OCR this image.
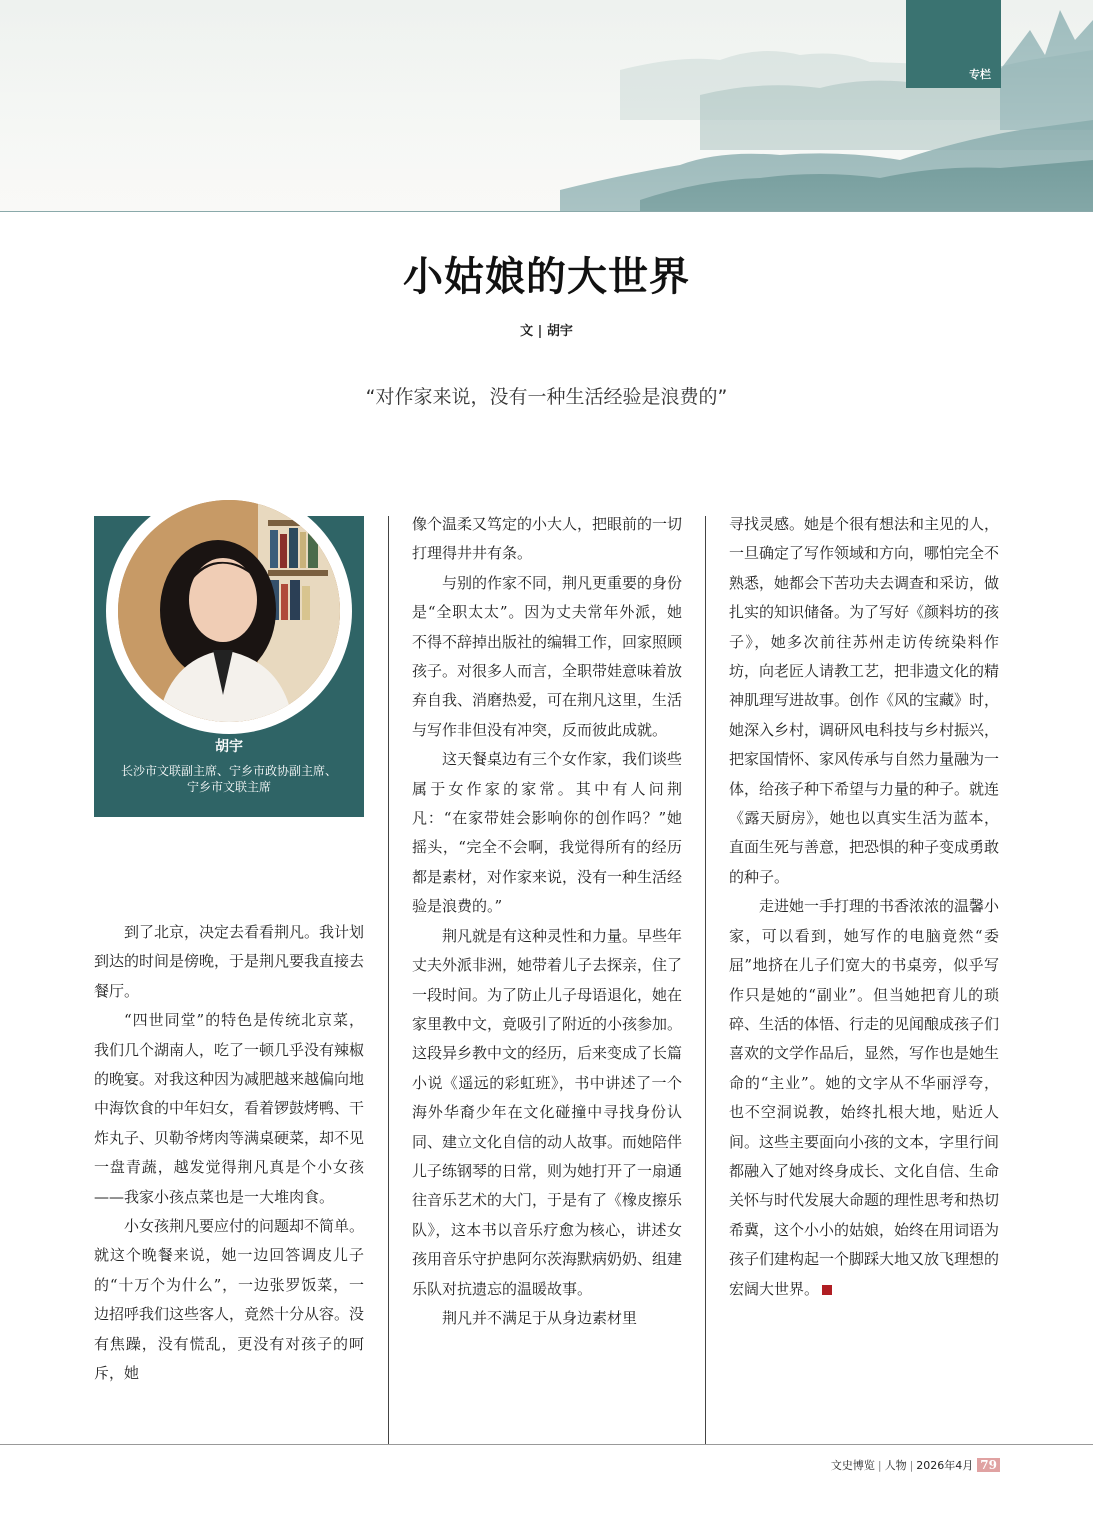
专栏
小姑娘的大世界
文 | 胡宇
“对作家来说，没有一种生活经验是浪费的”
胡宇
长沙市文联副主席、宁乡市政协副主席、
宁乡市文联主席

到了北京，决定去看看荆凡。我计划到达的时间是傍晚，于是荆凡要我直接去餐厅。

“四世同堂”的特色是传统北京菜，我们几个湖南人，吃了一顿几乎没有辣椒的晚宴。对我这种因为减肥越来越偏向地中海饮食的中年妇女，看着锣鼓烤鸭、干炸丸子、贝勒爷烤肉等满桌硬菜，却不见一盘青蔬，越发觉得荆凡真是个小女孩——我家小孩点菜也是一大堆肉食。

小女孩荆凡要应付的问题却不简单。就这个晚餐来说，她一边回答调皮儿子的“十万个为什么”，一边张罗饭菜，一边招呼我们这些客人，竟然十分从容。没有焦躁，没有慌乱，更没有对孩子的呵斥，她

像个温柔又笃定的小大人，把眼前的一切打理得井井有条。

与别的作家不同，荆凡更重要的身份是“全职太太”。因为丈夫常年外派，她不得不辞掉出版社的编辑工作，回家照顾孩子。对很多人而言，全职带娃意味着放弃自我、消磨热爱，可在荆凡这里，生活与写作非但没有冲突，反而彼此成就。

这天餐桌边有三个女作家，我们谈些属于女作家的家常。其中有人问荆凡：“在家带娃会影响你的创作吗？”她摇头，“完全不会啊，我觉得所有的经历都是素材，对作家来说，没有一种生活经验是浪费的。”

荆凡就是有这种灵性和力量。早些年丈夫外派非洲，她带着儿子去探亲，住了一段时间。为了防止儿子母语退化，她在家里教中文，竟吸引了附近的小孩参加。这段异乡教中文的经历，后来变成了长篇小说《遥远的彩虹班》，书中讲述了一个海外华裔少年在文化碰撞中寻找身份认同、建立文化自信的动人故事。而她陪伴儿子练钢琴的日常，则为她打开了一扇通往音乐艺术的大门，于是有了《橡皮擦乐队》，这本书以音乐疗愈为核心，讲述女孩用音乐守护患阿尔茨海默病奶奶、组建乐队对抗遗忘的温暖故事。

荆凡并不满足于从身边素材里

寻找灵感。她是个很有想法和主见的人，一旦确定了写作领域和方向，哪怕完全不熟悉，她都会下苦功夫去调查和采访，做扎实的知识储备。为了写好《颜料坊的孩子》，她多次前往苏州走访传统染料作坊，向老匠人请教工艺，把非遗文化的精神肌理写进故事。创作《风的宝藏》时，她深入乡村，调研风电科技与乡村振兴，把家国情怀、家风传承与自然力量融为一体，给孩子种下希望与力量的种子。就连《露天厨房》，她也以真实生活为蓝本，直面生死与善意，把恐惧的种子变成勇敢的种子。

走进她一手打理的书香浓浓的温馨小家，可以看到，她写作的电脑竟然“委屈”地挤在儿子们宽大的书桌旁，似乎写作只是她的“副业”。但当她把育儿的琐碎、生活的体悟、行走的见闻酿成孩子们喜欢的文学作品后，显然，写作也是她生命的“主业”。她的文字从不华丽浮夸，也不空洞说教，始终扎根大地，贴近人间。这些主要面向小孩的文本，字里行间都融入了她对终身成长、文化自信、生命关怀与时代发展大命题的理性思考和热切希冀，这个小小的姑娘，始终在用词语为孩子们建构起一个脚踩大地又放飞理想的宏阔大世界。

文史博览 | 人物 | 2026年4月 79
